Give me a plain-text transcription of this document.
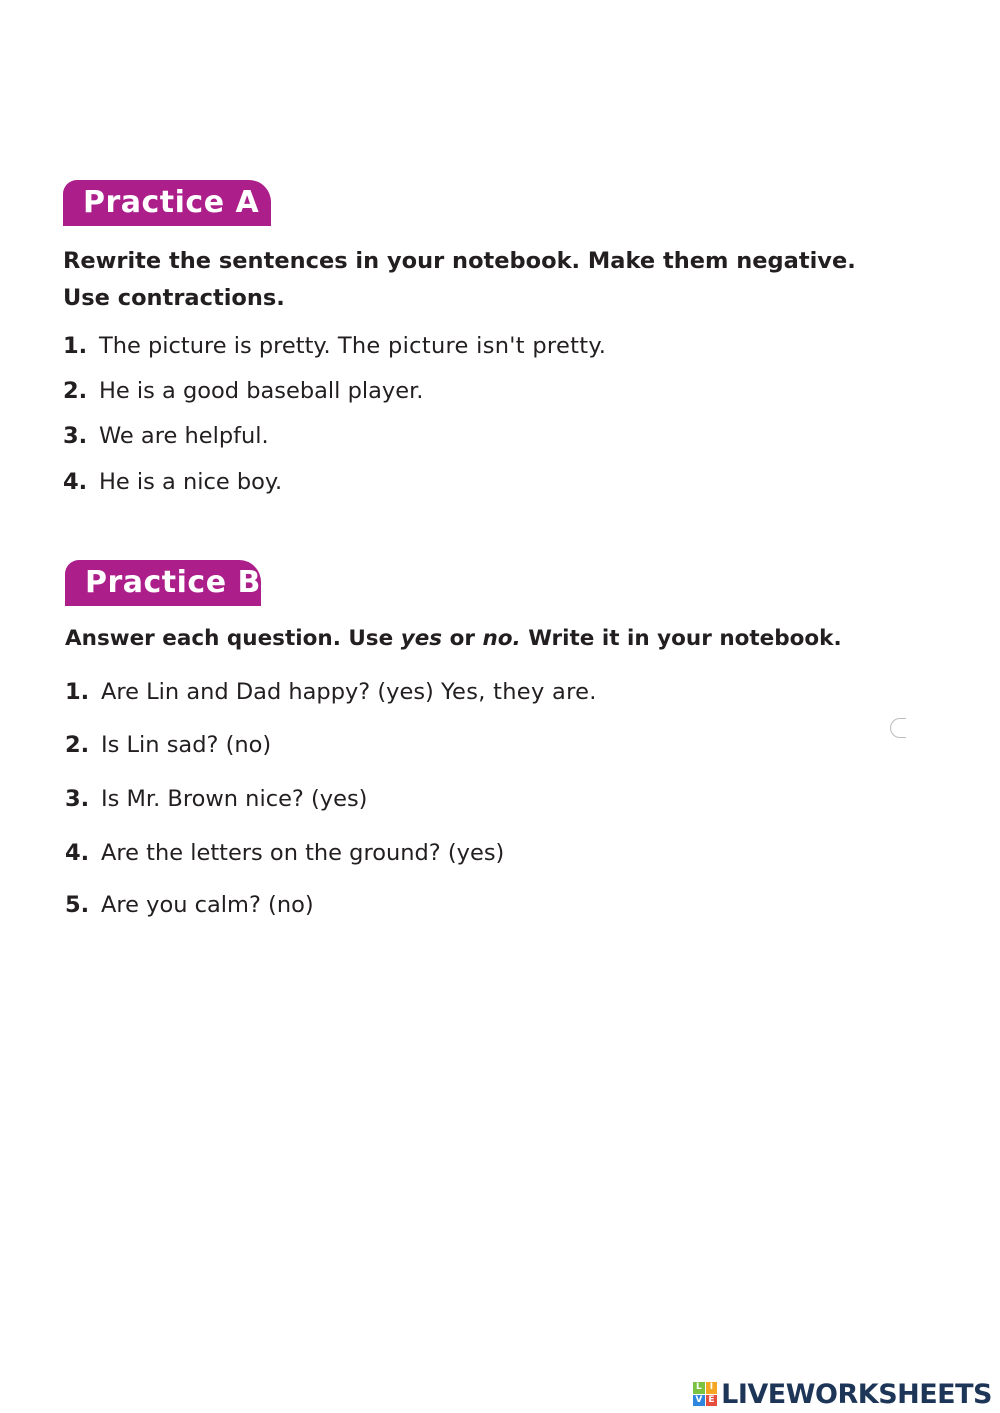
Practice A

Rewrite the sentences in your notebook. Make them negative.
Use contractions.

1. The picture is pretty. The picture isn't pretty.
2. He is a good baseball player.
3. We are helpful.
4. He is a nice boy.
Practice B

Answer each question. Use yes or no. Write it in your notebook.

1. Are Lin and Dad happy? (yes) Yes, they are.
2. Is Lin sad? (no)
3. Is Mr. Brown nice? (yes)
4. Are the letters on the ground? (yes)
5. Are you calm? (no)
L I
V E LIVEWORKSHEETS
